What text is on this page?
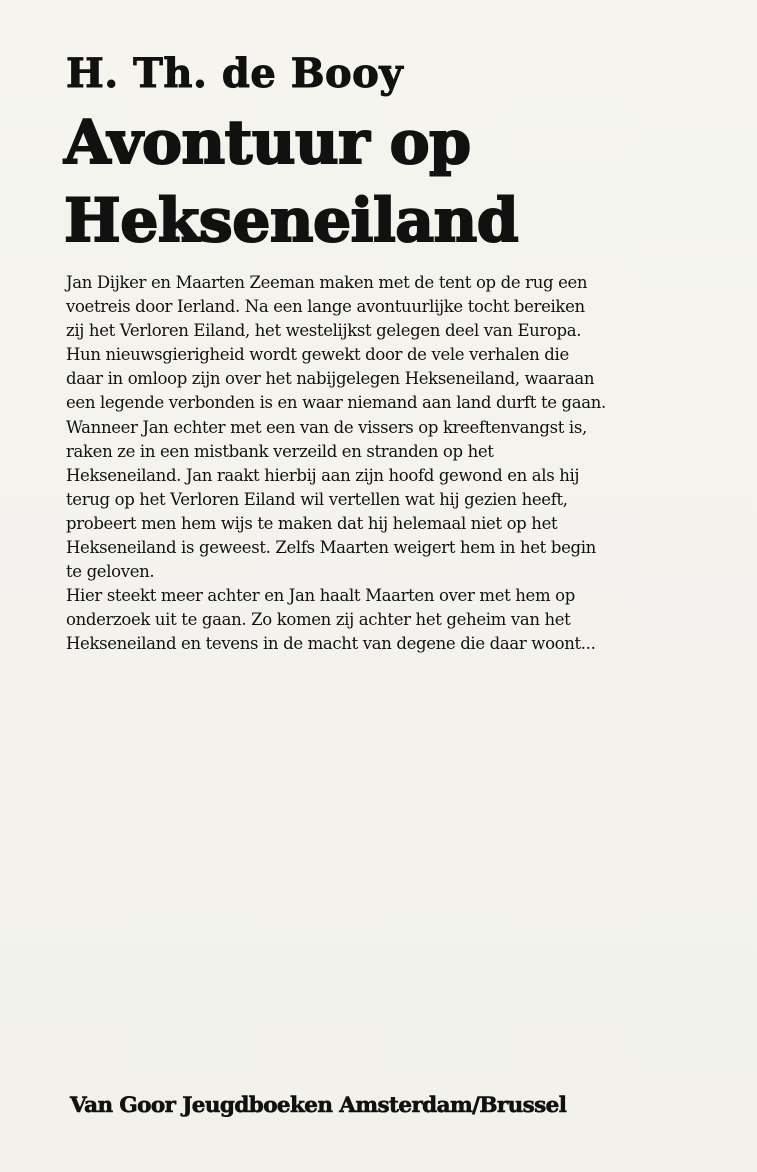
H. Th. de Booy
Avontuur op
Hekseneiland

Jan Dijker en Maarten Zeeman maken met de tent op de rug een

voetreis door Ierland. Na een lange avontuurlijke tocht bereiken

zij het Verloren Eiland, het westelijkst gelegen deel van Europa.

Hun nieuwsgierigheid wordt gewekt door de vele verhalen die

daar in omloop zijn over het nabijgelegen Hekseneiland, waaraan

een legende verbonden is en waar niemand aan land durft te gaan.

Wanneer Jan echter met een van de vissers op kreeftenvangst is,

raken ze in een mistbank verzeild en stranden op het

Hekseneiland. Jan raakt hierbij aan zijn hoofd gewond en als hij

terug op het Verloren Eiland wil vertellen wat hij gezien heeft,

probeert men hem wijs te maken dat hij helemaal niet op het

Hekseneiland is geweest. Zelfs Maarten weigert hem in het begin

te geloven.

Hier steekt meer achter en Jan haalt Maarten over met hem op

onderzoek uit te gaan. Zo komen zij achter het geheim van het

Hekseneiland en tevens in de macht van degene die daar woont...

Van Goor Jeugdboeken Amsterdam/Brussel
